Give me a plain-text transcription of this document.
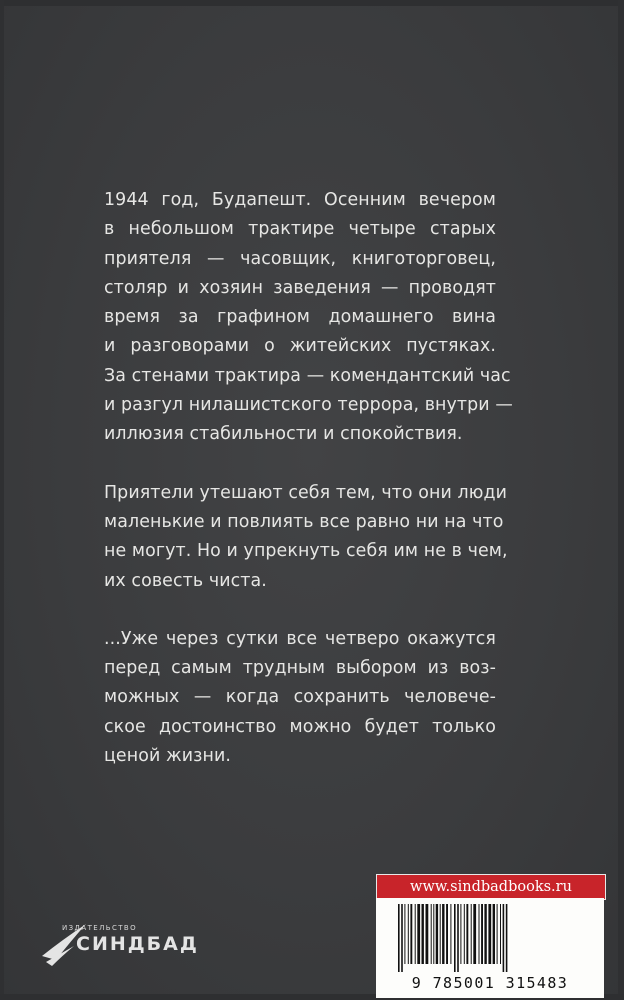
1944 год, Будапешт. Осенним вечером
в небольшом трактире четыре старых
приятеля — часовщик, книготорговец,
столяр и хозяин заведения — проводят
время за графином домашнего вина
и разговорами о житейских пустяках.
За стенами трактира — комендантский час
и разгул нилашистского террора, внутри —
иллюзия стабильности и спокойствия.
Приятели утешают себя тем, что они люди
маленькие и повлиять все равно ни на что
не могут. Но и упрекнуть себя им не в чем,
их совесть чиста.
...Уже через сутки все четверо окажутся
перед самым трудным выбором из воз-
можных — когда сохранить человече-
ское достоинство можно будет только
ценой жизни.
ИЗДАТЕЛЬСТВО
СИНДБАД
www.sindbadbooks.ru
9 785001 315483
